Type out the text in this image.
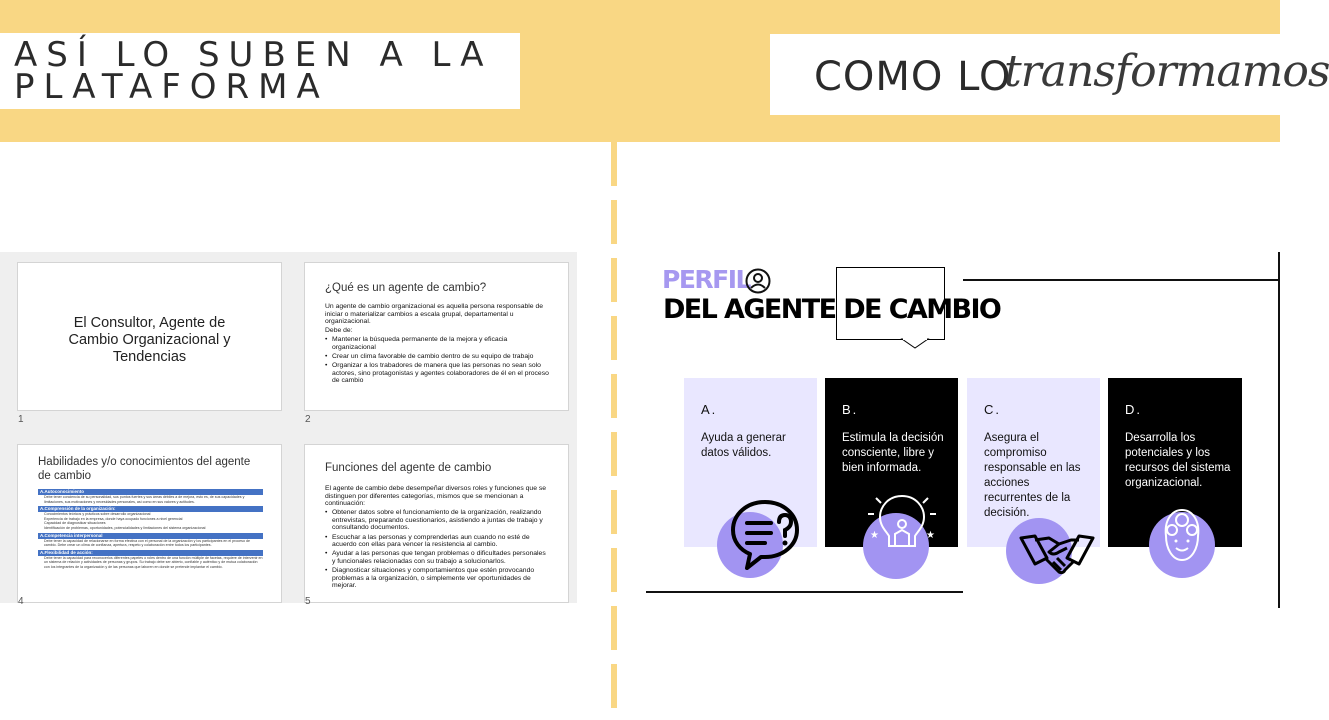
ASÍ LO SUBEN A LA
PLATAFORMA	COMO LO
transformamos
El Consultor, Agente de Cambio Organizacional y Tendencias
1
¿Qué es un agente de cambio?

Un agente de cambio organizacional es aquella persona responsable de iniciar o materializar cambios a escala grupal, departamental u organizacional.

Debe de:

• Mantener la búsqueda permanente de la mejora y eficacia organizacional
• Crear un clima favorable de cambio dentro de su equipo de trabajo
• Organizar a los trabadores de manera que las personas no sean solo actores, sino protagonistas y agentes colaboradores de él en el proceso de cambio
2
Habilidades y/o conocimientos del agente de cambio
A.Autoconocimiento
Debe tener conciencia de su personalidad, sus puntos fuertes y sus áreas débiles a de mejora, esto es, de sus capacidades y limitaciones, sus motivaciones y necesidades personales, así como en sus valores y actitudes.
A.Comprensión de la organización:
Conocimientos teóricos y prácticos sobre desarrollo organizacional
Experiencia de trabajo en la empresa, donde haya ocupado funciones a nivel gerencial
Capacidad de diagnosticar situaciones
Identificación de problemas, oportunidades, potencialidades y limitaciones del sistema organizacional
A.Competencia interpersonal
Debe tener la capacidad de relacionarse en forma efectiva con el personal de la organización y los participantes en el proceso de cambio. Debe crear un clima de confianza, apertura, respeto y colaboración entre todos los participantes.
A.Flexibilidad de acción:
Debe tener la capacidad para reconocerlos diferentes papeles o roles dentro de una función múltiple de facetas, requiere de intervenir en un sistema de relación y actividades de personas y grupos. Su trabajo debe ser abierto, confiable y auténtico y de mutua colaboración con los integrantes de la organización y de las personas que laboren en donde se pretende implantar el cambio.
4
Funciones del agente de cambio

El agente de cambio debe desempeñar diversos roles y funciones que se distinguen por diferentes categorías, mismos que se mencionan a continuación:

• Obtener datos sobre el funcionamiento de la organización, realizando entrevistas, preparando cuestionarios, asistiendo a juntas de trabajo y consultando documentos.
• Escuchar a las personas y comprenderlas aun cuando no esté de acuerdo con ellas para vencer la resistencia al cambio.
• Ayudar a las personas que tengan problemas o dificultades personales y funcionales relacionadas con su trabajo a solucionarlos.
• Diagnosticar situaciones y comportamientos que estén provocando problemas a la organización, o simplemente ver oportunidades de mejorar.
5
PERFIL
DEL AGENTE DE CAMBIO
A.
Ayuda a generar datos válidos.
B.
Estimula la decisión consciente, libre y bien informada.
C.
Asegura el compromiso responsable en las acciones recurrentes de la decisión.
D.
Desarrolla los potenciales y los recursos del sistema organizacional.
★	★
